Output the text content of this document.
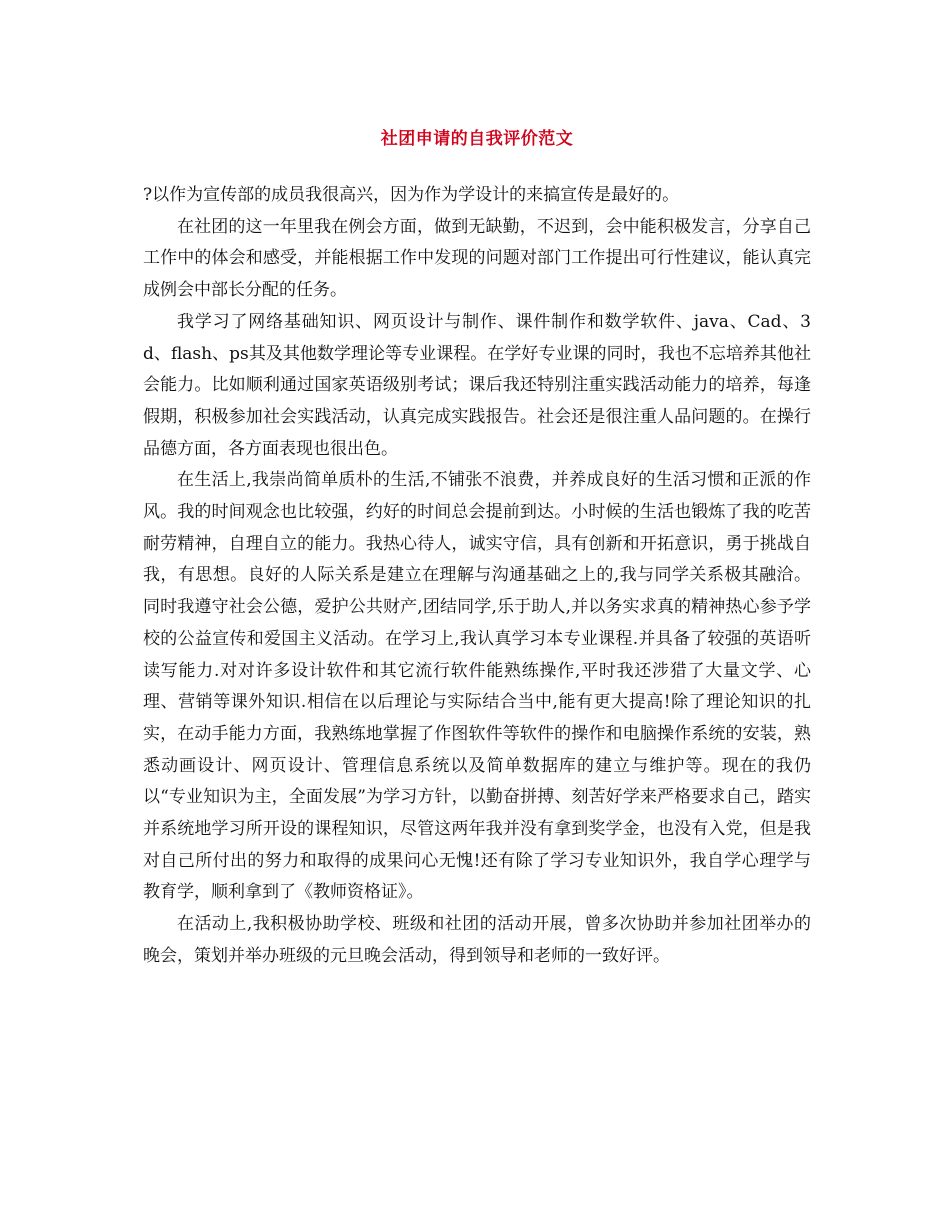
社团申请的自我评价范文

?以作为宣传部的成员我很高兴，因为作为学设计的来搞宣传是最好的。

在社团的这一年里我在例会方面，做到无缺勤，不迟到，会中能积极发言，分享自己工作中的体会和感受，并能根据工作中发现的问题对部门工作提出可行性建议，能认真完成例会中部长分配的任务。

我学习了网络基础知识、网页设计与制作、课件制作和数学软件、java、Cad、3d、flash、ps其及其他数学理论等专业课程。在学好专业课的同时，我也不忘培养其他社会能力。比如顺利通过国家英语级别考试；课后我还特别注重实践活动能力的培养，每逢假期，积极参加社会实践活动，认真完成实践报告。社会还是很注重人品问题的。在操行品德方面，各方面表现也很出色。

在生活上,我崇尚简单质朴的生活,不铺张不浪费，并养成良好的生活习惯和正派的作风。我的时间观念也比较强，约好的时间总会提前到达。小时候的生活也锻炼了我的吃苦耐劳精神，自理自立的能力。我热心待人，诚实守信，具有创新和开拓意识，勇于挑战自我，有思想。良好的人际关系是建立在理解与沟通基础之上的,我与同学关系极其融洽。同时我遵守社会公德，爱护公共财产,团结同学,乐于助人,并以务实求真的精神热心参予学校的公益宣传和爱国主义活动。在学习上,我认真学习本专业课程.并具备了较强的英语听读写能力.对对许多设计软件和其它流行软件能熟练操作,平时我还涉猎了大量文学、心理、营销等课外知识.相信在以后理论与实际结合当中,能有更大提高!除了理论知识的扎实，在动手能力方面，我熟练地掌握了作图软件等软件的操作和电脑操作系统的安装，熟悉动画设计、网页设计、管理信息系统以及简单数据库的建立与维护等。现在的我仍以“专业知识为主，全面发展”为学习方针，以勤奋拼搏、刻苦好学来严格要求自己，踏实并系统地学习所开设的课程知识，尽管这两年我并没有拿到奖学金，也没有入党，但是我对自己所付出的努力和取得的成果问心无愧!还有除了学习专业知识外，我自学心理学与教育学，顺利拿到了《教师资格证》。

在活动上,我积极协助学校、班级和社团的活动开展，曾多次协助并参加社团举办的晚会，策划并举办班级的元旦晚会活动，得到领导和老师的一致好评。
